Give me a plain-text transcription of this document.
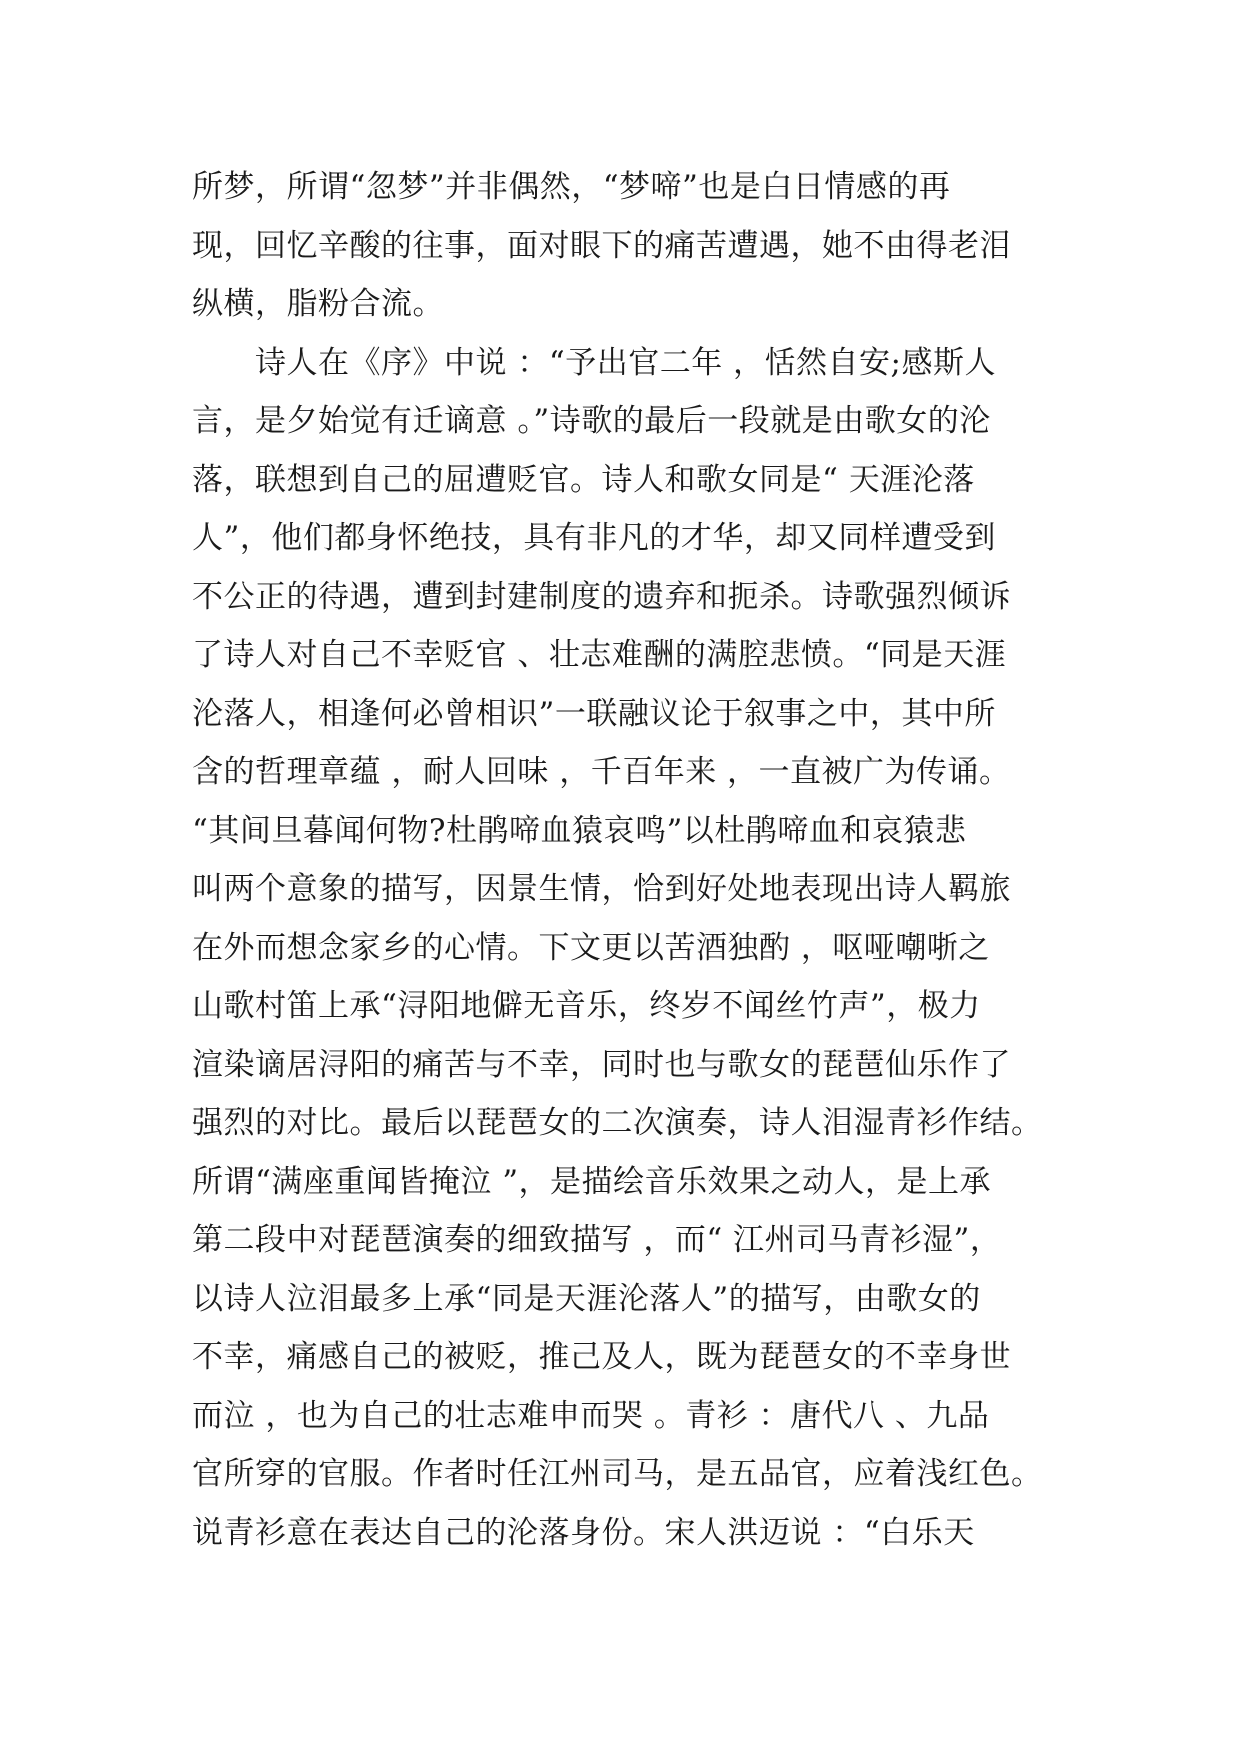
所梦，所谓“忽梦”并非偶然，“梦啼”也是白日情感的再
现，回忆辛酸的往事，面对眼下的痛苦遭遇，她不由得老泪
纵横，脂粉合流。
　　诗人在《序》中说 ：“予出官二年 ，恬然自安;感斯人
言，是夕始觉有迁谪意 。”诗歌的最后一段就是由歌女的沦
落，联想到自己的屈遭贬官。诗人和歌女同是“ 天涯沦落
人”，他们都身怀绝技，具有非凡的才华，却又同样遭受到
不公正的待遇，遭到封建制度的遗弃和扼杀。诗歌强烈倾诉
了诗人对自己不幸贬官 、壮志难酬的满腔悲愤。“同是天涯
沦落人，相逢何必曾相识”一联融议论于叙事之中，其中所
含的哲理章蕴 ，耐人回味 ，千百年来 ，一直被广为传诵。
“其间旦暮闻何物?杜鹃啼血猿哀鸣”以杜鹃啼血和哀猿悲
叫两个意象的描写，因景生情，恰到好处地表现出诗人羁旅
在外而想念家乡的心情。下文更以苦酒独酌 ，呕哑嘲哳之
山歌村笛上承“浔阳地僻无音乐，终岁不闻丝竹声”，极力
渲染谪居浔阳的痛苦与不幸，同时也与歌女的琵琶仙乐作了
强烈的对比。最后以琵琶女的二次演奏，诗人泪湿青衫作结。
所谓“满座重闻皆掩泣 ”，是描绘音乐效果之动人，是上承
第二段中对琵琶演奏的细致描写 ，而“ 江州司马青衫湿”，
以诗人泣泪最多上承“同是天涯沦落人”的描写，由歌女的
不幸，痛感自己的被贬，推己及人，既为琵琶女的不幸身世
而泣 ，也为自己的壮志难申而哭 。青衫 ：唐代八 、九品
官所穿的官服。作者时任江州司马，是五品官，应着浅红色。
说青衫意在表达自己的沦落身份。宋人洪迈说 ：“白乐天
